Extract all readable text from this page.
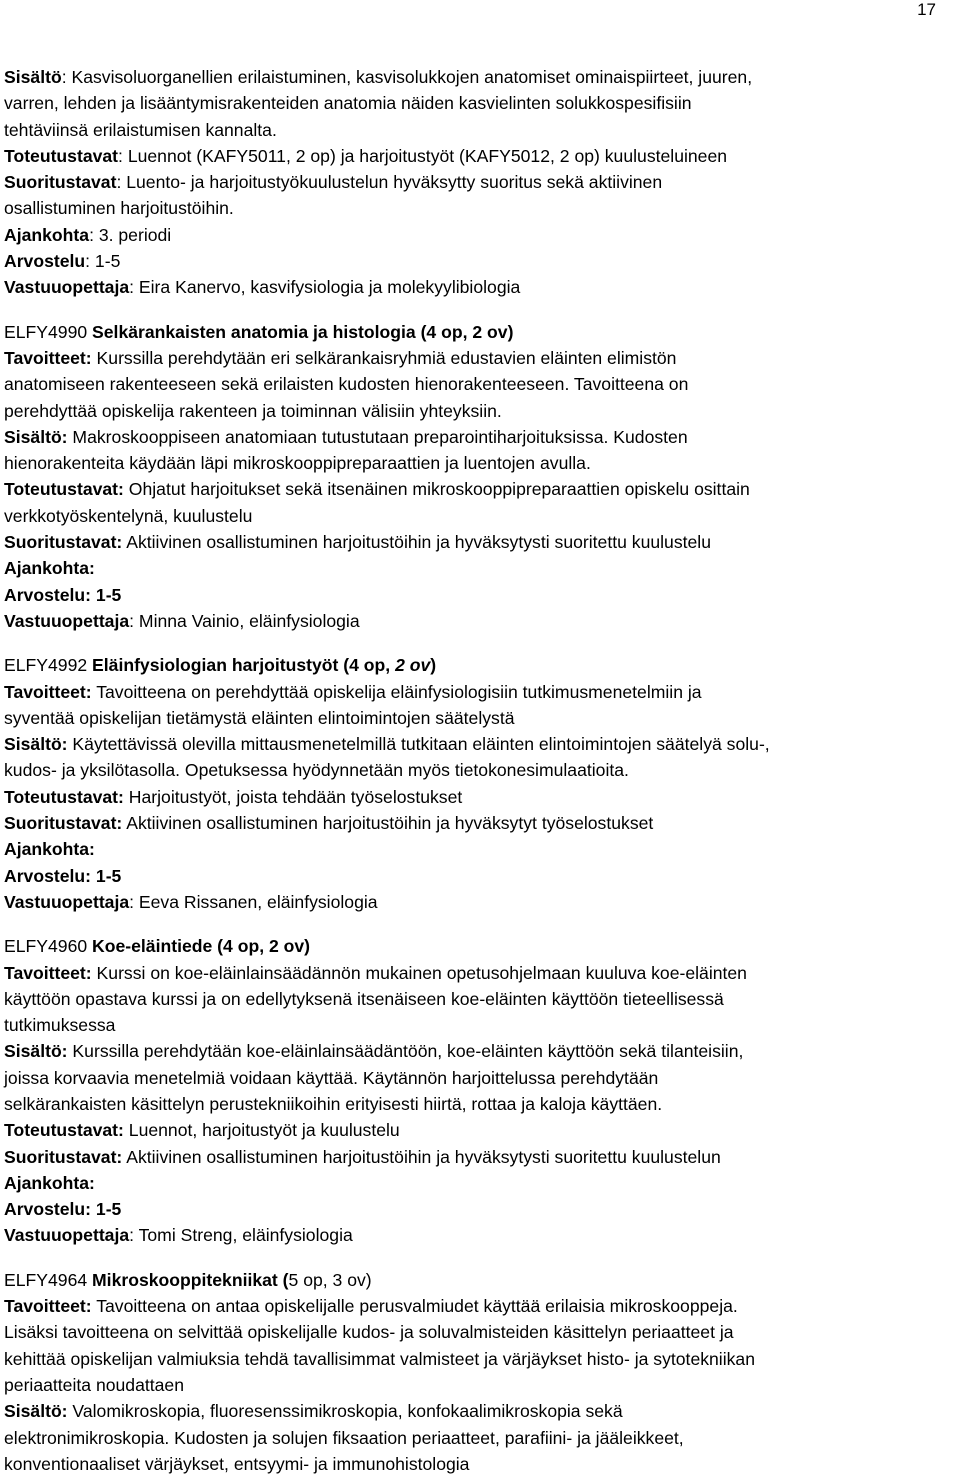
17
Sisältö: Kasvisoluorganellien erilaistuminen, kasvisolukkojen anatomiset ominaispiirteet, juuren,
varren, lehden ja lisääntymisrakenteiden anatomia näiden kasvielinten solukkospesifisiin
tehtäviinsä erilaistumisen kannalta.
Toteutustavat: Luennot (KAFY5011, 2 op) ja harjoitustyöt (KAFY5012, 2 op) kuulusteluineen
Suoritustavat: Luento- ja harjoitustyökuulustelun hyväksytty suoritus sekä aktiivinen
osallistuminen harjoitustöihin.
Ajankohta: 3. periodi
Arvostelu: 1-5
Vastuuopettaja: Eira Kanervo, kasvifysiologia ja molekyylibiologia
ELFY4990 Selkärankaisten anatomia ja histologia (4 op, 2 ov)
Tavoitteet: Kurssilla perehdytään eri selkärankaisryhmiä edustavien eläinten elimistön
anatomiseen rakenteeseen sekä erilaisten kudosten hienorakenteeseen. Tavoitteena on
perehdyttää opiskelija rakenteen ja toiminnan välisiin yhteyksiin.
Sisältö: Makroskooppiseen anatomiaan tutustutaan preparointiharjoituksissa. Kudosten
hienorakenteita käydään läpi mikroskooppipreparaattien ja luentojen avulla.
Toteutustavat: Ohjatut harjoitukset sekä itsenäinen mikroskooppipreparaattien opiskelu osittain
verkkotyöskentelynä, kuulustelu
Suoritustavat: Aktiivinen osallistuminen harjoitustöihin ja hyväksytysti suoritettu kuulustelu
Ajankohta:
Arvostelu: 1-5
Vastuuopettaja: Minna Vainio, eläinfysiologia
ELFY4992 Eläinfysiologian harjoitustyöt (4 op, 2 ov)
Tavoitteet: Tavoitteena on perehdyttää opiskelija eläinfysiologisiin tutkimusmenetelmiin ja
syventää opiskelijan tietämystä eläinten elintoimintojen säätelystä
Sisältö: Käytettävissä olevilla mittausmenetelmillä tutkitaan eläinten elintoimintojen säätelyä solu-,
kudos- ja yksilötasolla. Opetuksessa hyödynnetään myös tietokonesimulaatioita.
Toteutustavat: Harjoitustyöt, joista tehdään työselostukset
Suoritustavat: Aktiivinen osallistuminen harjoitustöihin ja hyväksytyt työselostukset
Ajankohta:
Arvostelu: 1-5
Vastuuopettaja: Eeva Rissanen, eläinfysiologia
ELFY4960 Koe-eläintiede (4 op, 2 ov)
Tavoitteet: Kurssi on koe-eläinlainsäädännön mukainen opetusohjelmaan kuuluva koe-eläinten
käyttöön opastava kurssi ja on edellytyksenä itsenäiseen koe-eläinten käyttöön tieteellisessä
tutkimuksessa
Sisältö: Kurssilla perehdytään koe-eläinlainsäädäntöön, koe-eläinten käyttöön sekä tilanteisiin,
joissa korvaavia menetelmiä voidaan käyttää. Käytännön harjoittelussa perehdytään
selkärankaisten käsittelyn perustekniikoihin erityisesti hiirtä, rottaa ja kaloja käyttäen.
Toteutustavat: Luennot, harjoitustyöt ja kuulustelu
Suoritustavat: Aktiivinen osallistuminen harjoitustöihin ja hyväksytysti suoritettu kuulustelun
Ajankohta:
Arvostelu: 1-5
Vastuuopettaja: Tomi Streng, eläinfysiologia
ELFY4964 Mikroskooppitekniikat (5 op, 3 ov)
Tavoitteet: Tavoitteena on antaa opiskelijalle perusvalmiudet käyttää erilaisia mikroskooppeja.
Lisäksi tavoitteena on selvittää opiskelijalle kudos- ja soluvalmisteiden käsittelyn periaatteet ja
kehittää opiskelijan valmiuksia tehdä tavallisimmat valmisteet ja värjäykset histo- ja sytotekniikan
periaatteita noudattaen
Sisältö: Valomikroskopia, fluoresenssimikroskopia, konfokaalimikroskopia sekä
elektronimikroskopia. Kudosten ja solujen fiksaation periaatteet, parafiini- ja jääleikkeet,
konventionaaliset värjäykset, entsyymi- ja immunohistologia
